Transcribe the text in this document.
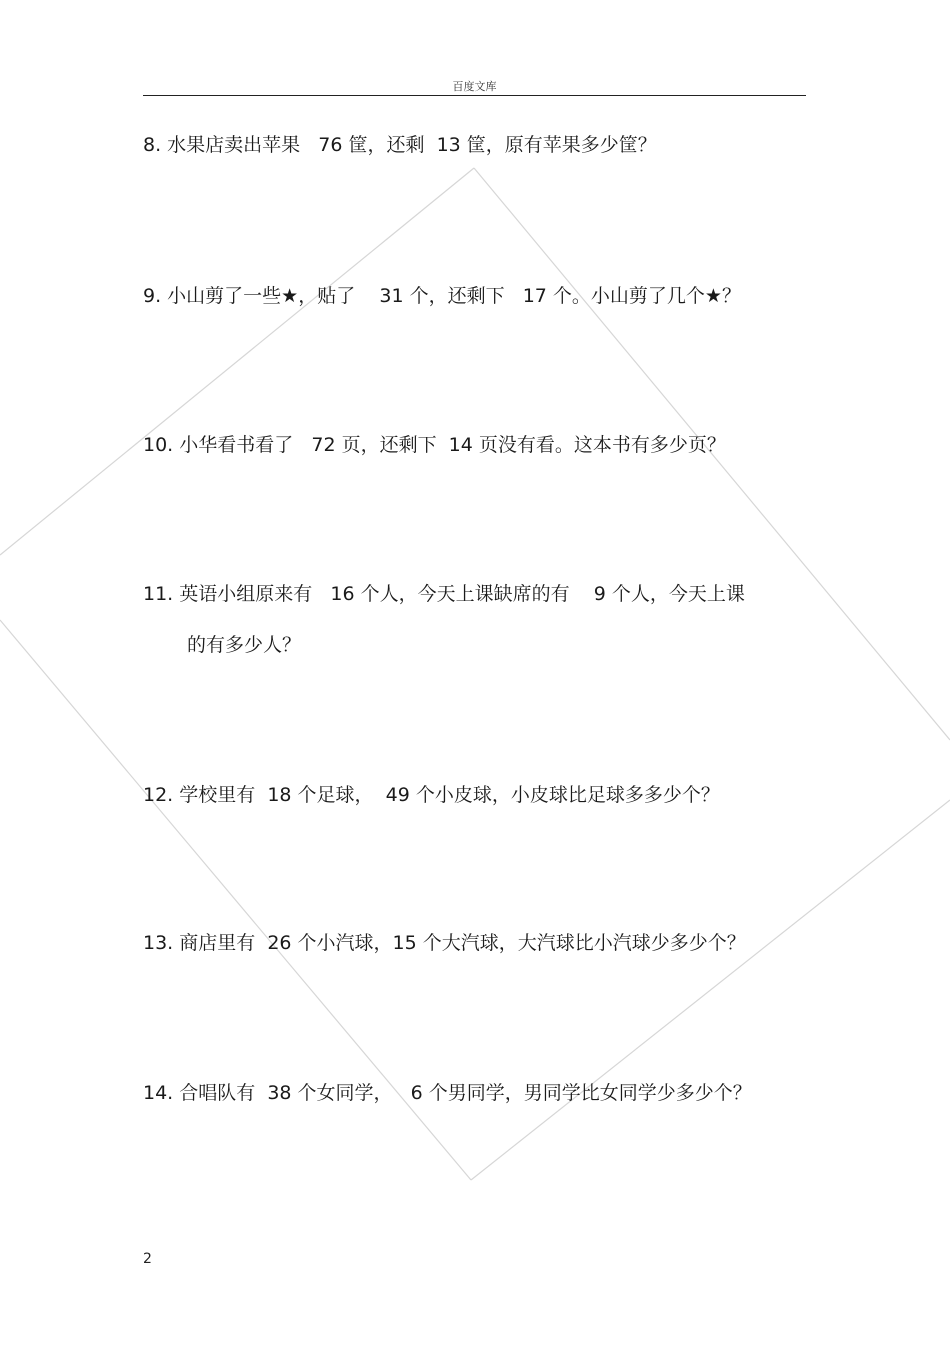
百度文库
8. 水果店卖出苹果   76 筐，还剩  13 筐，原有苹果多少筐？
9. 小山剪了一些★，贴了    31 个，还剩下   17 个。小山剪了几个★？
10. 小华看书看了   72 页，还剩下  14 页没有看。这本书有多少页？
11. 英语小组原来有   16 个人，今天上课缺席的有    9 个人，今天上课
的有多少人？
12. 学校里有  18 个足球，  49 个小皮球，小皮球比足球多多少个？
13. 商店里有  26 个小汽球，15 个大汽球，大汽球比小汽球少多少个？
14. 合唱队有  38 个女同学，   6 个男同学，男同学比女同学少多少个？
2
